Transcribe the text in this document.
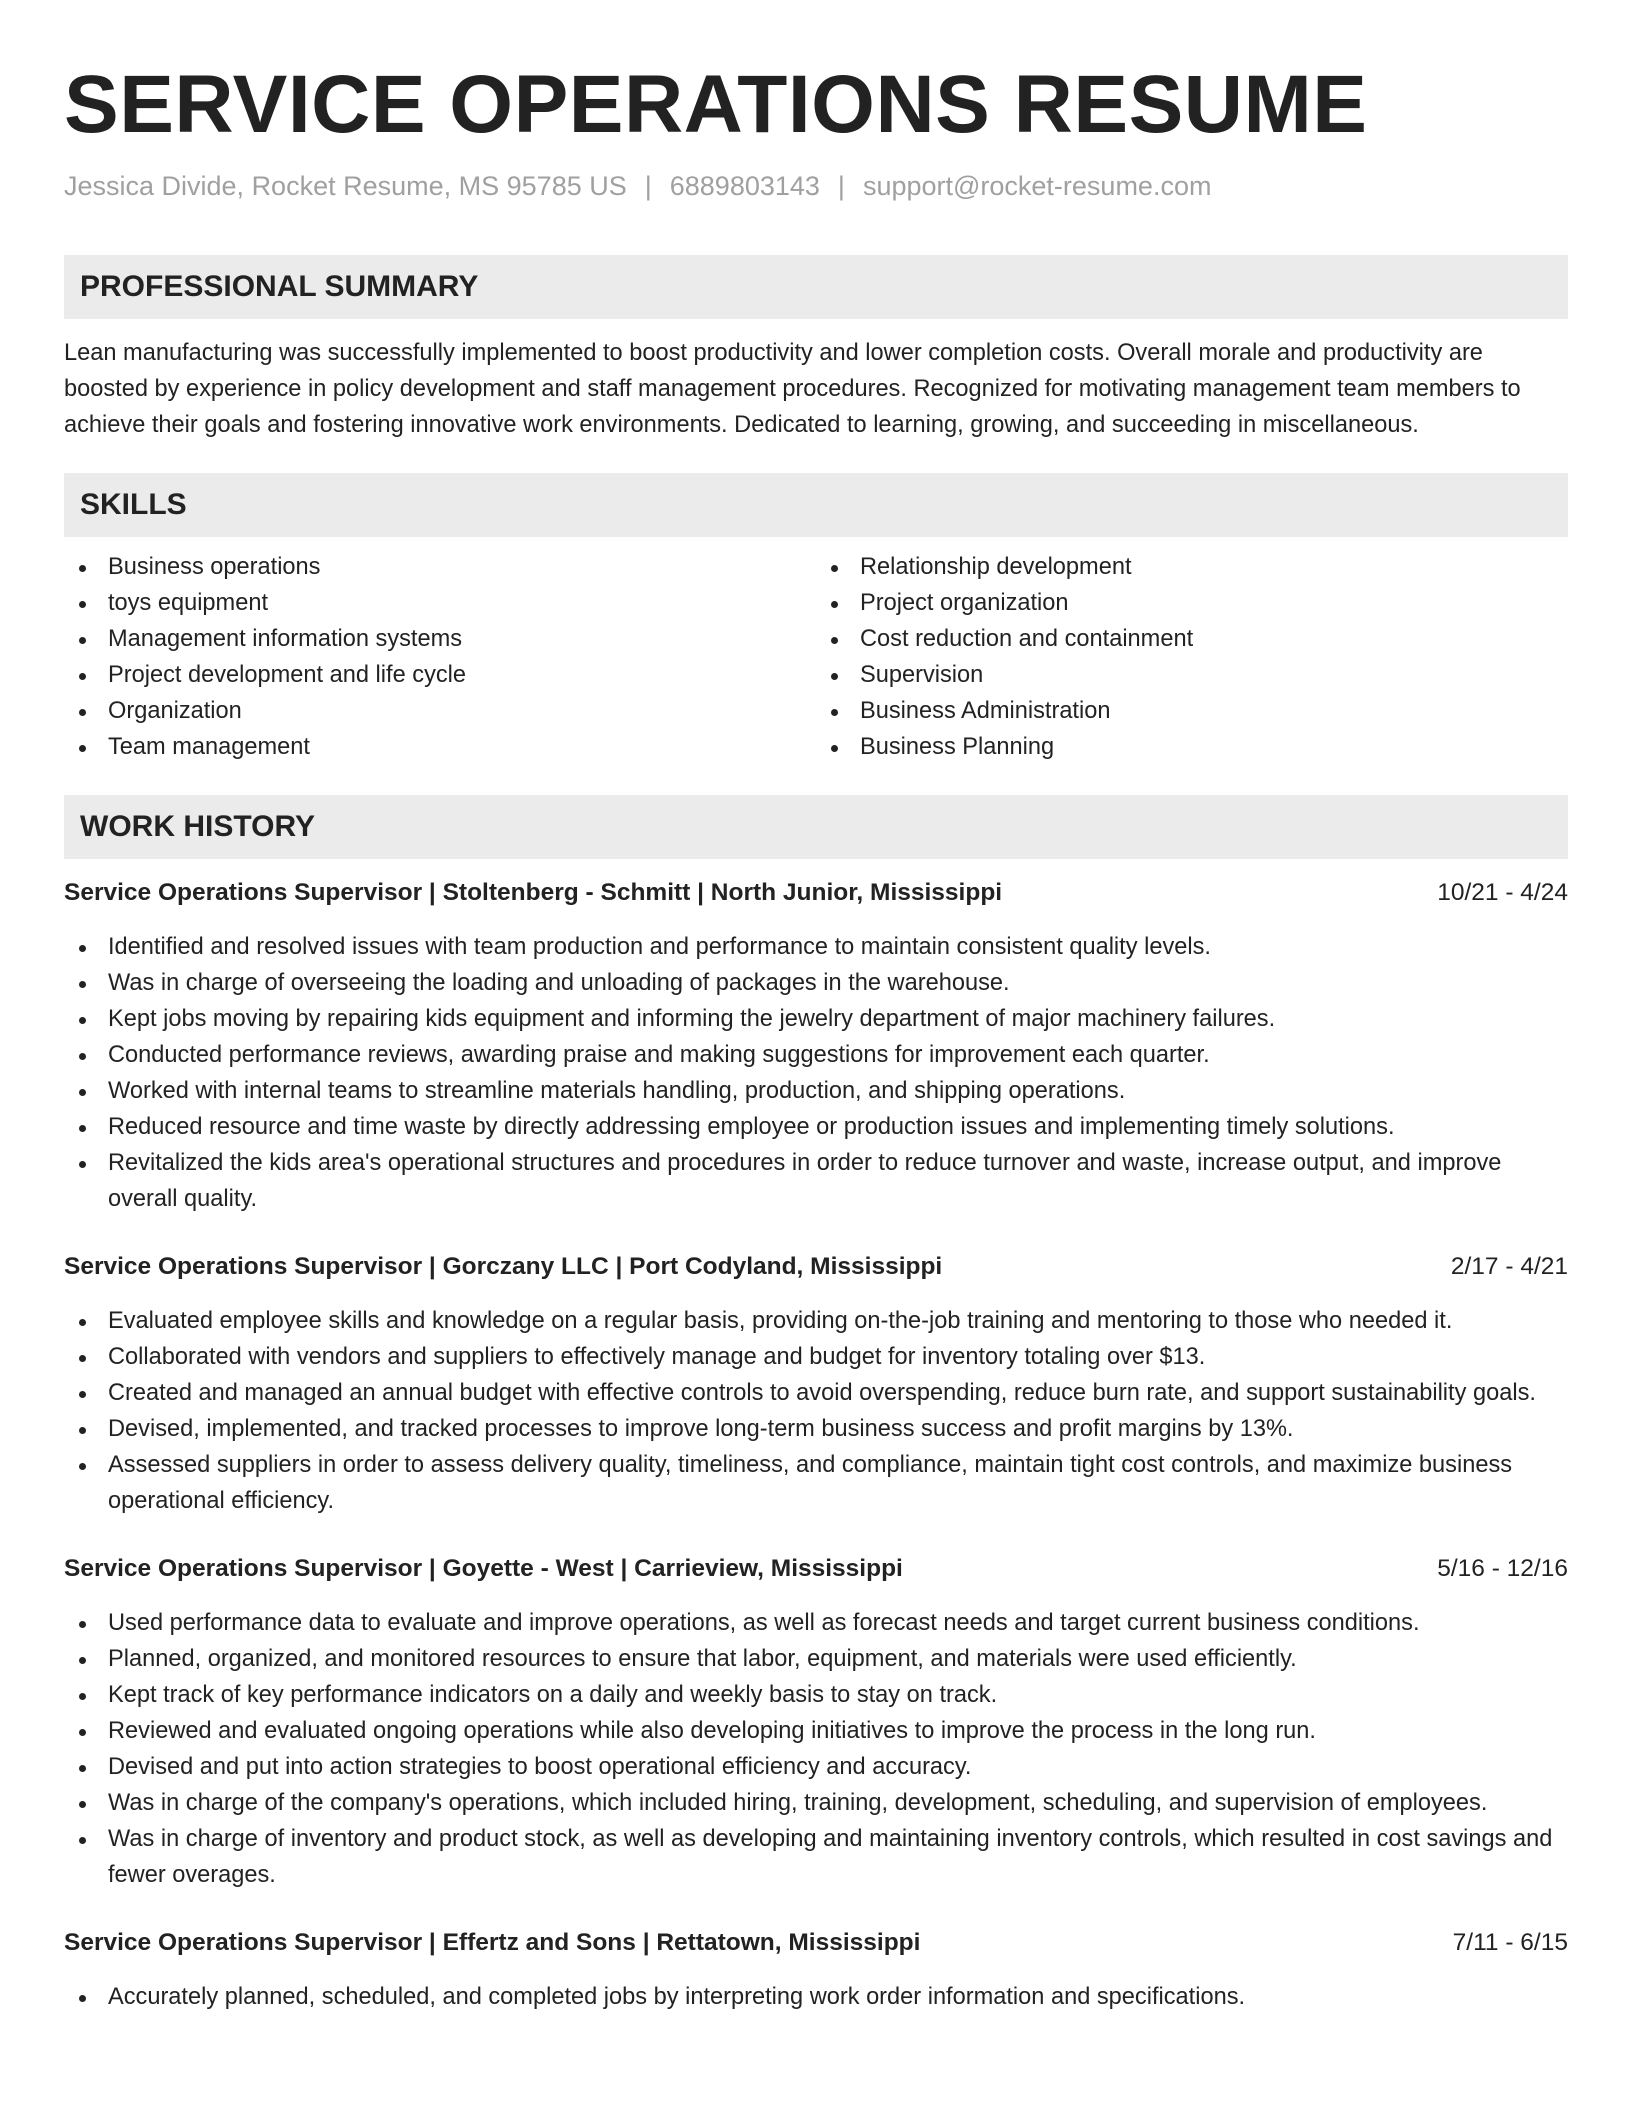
SERVICE OPERATIONS RESUME
Jessica Divide, Rocket Resume, MS 95785 US | 6889803143 | support@rocket-resume.com
PROFESSIONAL SUMMARY

Lean manufacturing was successfully implemented to boost productivity and lower completion costs. Overall morale and productivity are boosted by experience in policy development and staff management procedures. Recognized for motivating management team members to achieve their goals and fostering innovative work environments. Dedicated to learning, growing, and succeeding in miscellaneous.

SKILLS
Business operations
toys equipment
Management information systems
Project development and life cycle
Organization
Team management
Relationship development
Project organization
Cost reduction and containment
Supervision
Business Administration
Business Planning
WORK HISTORY
Service Operations Supervisor | Stoltenberg - Schmitt | North Junior, Mississippi	10/21 - 4/24
Identified and resolved issues with team production and performance to maintain consistent quality levels.
Was in charge of overseeing the loading and unloading of packages in the warehouse.
Kept jobs moving by repairing kids equipment and informing the jewelry department of major machinery failures.
Conducted performance reviews, awarding praise and making suggestions for improvement each quarter.
Worked with internal teams to streamline materials handling, production, and shipping operations.
Reduced resource and time waste by directly addressing employee or production issues and implementing timely solutions.
Revitalized the kids area's operational structures and procedures in order to reduce turnover and waste, increase output, and improve overall quality.
Service Operations Supervisor | Gorczany LLC | Port Codyland, Mississippi	2/17 - 4/21
Evaluated employee skills and knowledge on a regular basis, providing on-the-job training and mentoring to those who needed it.
Collaborated with vendors and suppliers to effectively manage and budget for inventory totaling over $13.
Created and managed an annual budget with effective controls to avoid overspending, reduce burn rate, and support sustainability goals.
Devised, implemented, and tracked processes to improve long-term business success and profit margins by 13%.
Assessed suppliers in order to assess delivery quality, timeliness, and compliance, maintain tight cost controls, and maximize business operational efficiency.
Service Operations Supervisor | Goyette - West | Carrieview, Mississippi	5/16 - 12/16
Used performance data to evaluate and improve operations, as well as forecast needs and target current business conditions.
Planned, organized, and monitored resources to ensure that labor, equipment, and materials were used efficiently.
Kept track of key performance indicators on a daily and weekly basis to stay on track.
Reviewed and evaluated ongoing operations while also developing initiatives to improve the process in the long run.
Devised and put into action strategies to boost operational efficiency and accuracy.
Was in charge of the company's operations, which included hiring, training, development, scheduling, and supervision of employees.
Was in charge of inventory and product stock, as well as developing and maintaining inventory controls, which resulted in cost savings and fewer overages.
Service Operations Supervisor | Effertz and Sons | Rettatown, Mississippi	7/11 - 6/15
Accurately planned, scheduled, and completed jobs by interpreting work order information and specifications.
